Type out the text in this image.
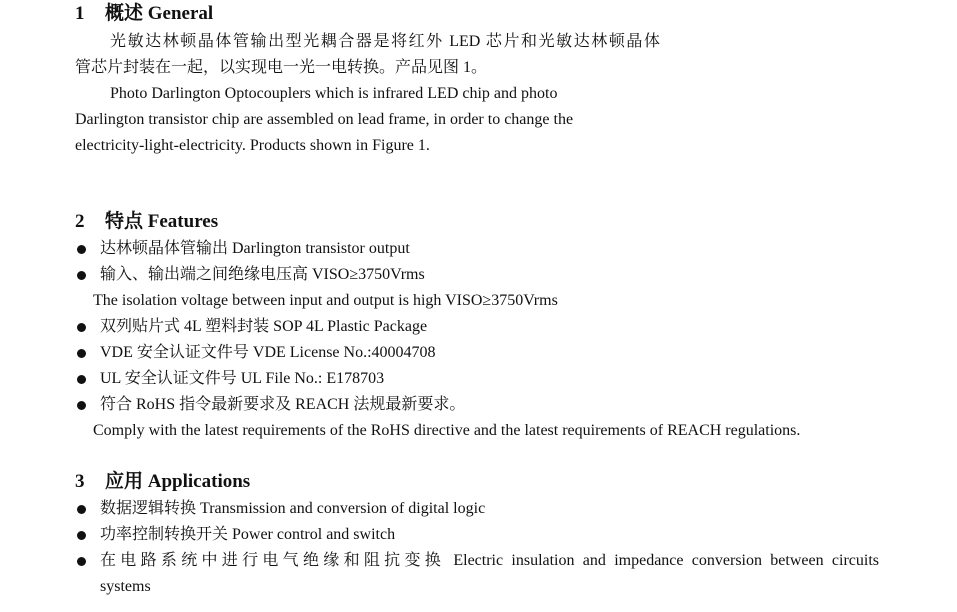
1 概述 General
光敏达林顿晶体管输出型光耦合器是将红外 LED 芯片和光敏达林顿晶体
管芯片封装在一起，以实现电一光一电转换。产品见图 1。
Photo Darlington Optocouplers which is infrared LED chip and photo
Darlington transistor chip are assembled on lead frame, in order to change the
electricity-light-electricity. Products shown in Figure 1.
2 特点 Features
达林顿晶体管输出 Darlington transistor output
输入、输出端之间绝缘电压高 VISO≥3750Vrms
The isolation voltage between input and output is high VISO≥3750Vrms
双列贴片式 4L 塑料封装 SOP 4L Plastic Package
VDE 安全认证文件号 VDE License No.:40004708
UL 安全认证文件号 UL File No.: E178703
符合 RoHS 指令最新要求及 REACH 法规最新要求。
Comply with the latest requirements of the RoHS directive and the latest requirements of REACH regulations.
3 应用 Applications
数据逻辑转换 Transmission and conversion of digital logic
功率控制转换开关 Power control and switch
在电路系统中进行电气绝缘和阻抗变换 Electric insulation and impedance conversion between circuits
systems
